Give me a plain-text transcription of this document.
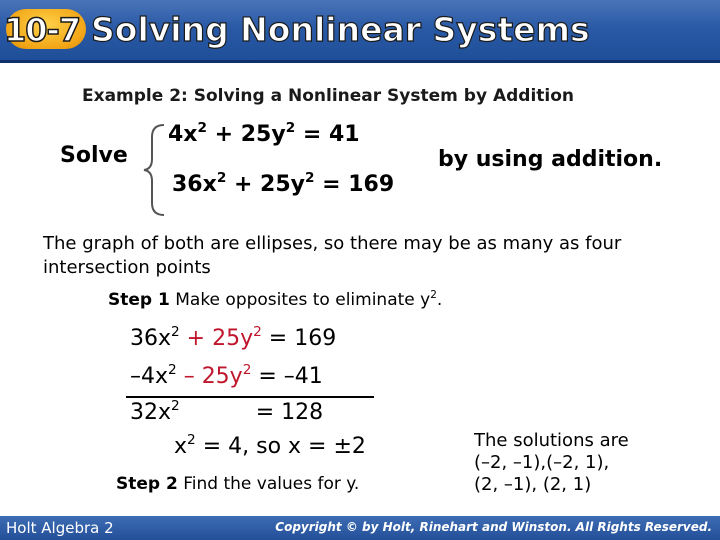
10-7 Solving Nonlinear Systems
Example 2: Solving a Nonlinear System by Addition
Solve
$4x^2 + 25y^2 = 41$
$36x^2 + 25y^2 = 169$
by using addition.
The graph of both are ellipses, so there may be as many as four intersection points
Step 1 Make opposites to eliminate $y^2$.
$36x^2 + 25y^2 = 169$
$-4x^2 - 25y^2 = -41$
$32x^2$	= 128
$x^2 = 4$, so x = ±2
Step 2 Find the values for y.
The solutions are
(–2, –1),(–2, 1),
(2, –1), (2, 1)
Holt Algebra 2	Copyright © by Holt, Rinehart and Winston. All Rights Reserved.
